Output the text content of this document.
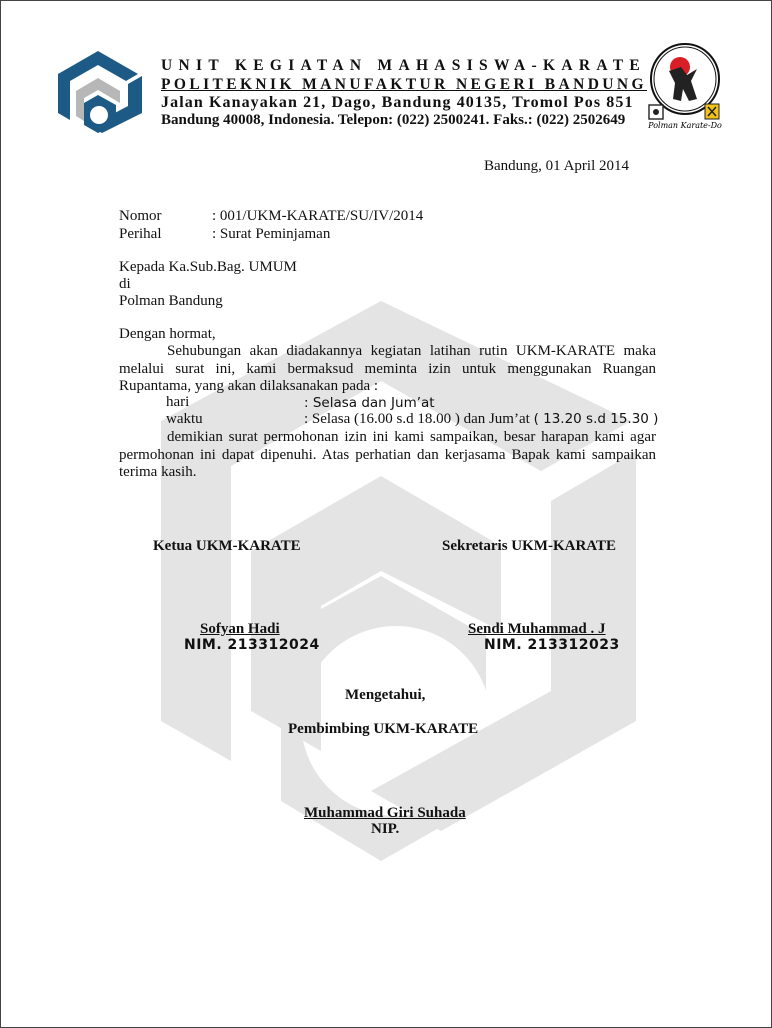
Polman Karate-Do
UNIT KEGIATAN MAHASISWA-KARATE
POLITEKNIK MANUFAKTUR NEGERI BANDUNG
Jalan Kanayakan 21, Dago, Bandung 40135, Tromol Pos 851
Bandung 40008, Indonesia. Telepon: (022) 2500241. Faks.: (022) 2502649
Bandung, 01 April 2014
Nomor	: 001/UKM-KARATE/SU/IV/2014
Perihal	: Surat Peminjaman
Kepada Ka.Sub.Bag. UMUM
di
Polman Bandung
Dengan hormat,
Sehubungan akan diadakannya kegiatan latihan rutin UKM-KARATE maka melalui surat ini, kami bermaksud meminta izin untuk menggunakan Ruangan Rupantama, yang akan dilaksanakan pada :
hari	: Selasa dan Jum’at
waktu	: Selasa (16.00 s.d 18.00 ) dan Jum’at ( 13.20 s.d 15.30 )
demikian surat permohonan izin ini kami sampaikan, besar harapan kami agar permohonan ini dapat dipenuhi. Atas perhatian dan kerjasama Bapak kami sampaikan terima kasih.
Ketua UKM-KARATE	Sekretaris UKM-KARATE
Sofyan Hadi
NIM. 213312024
Sendi Muhammad . J
NIM. 213312023
Mengetahui,
Pembimbing UKM-KARATE
Muhammad Giri Suhada
NIP.
